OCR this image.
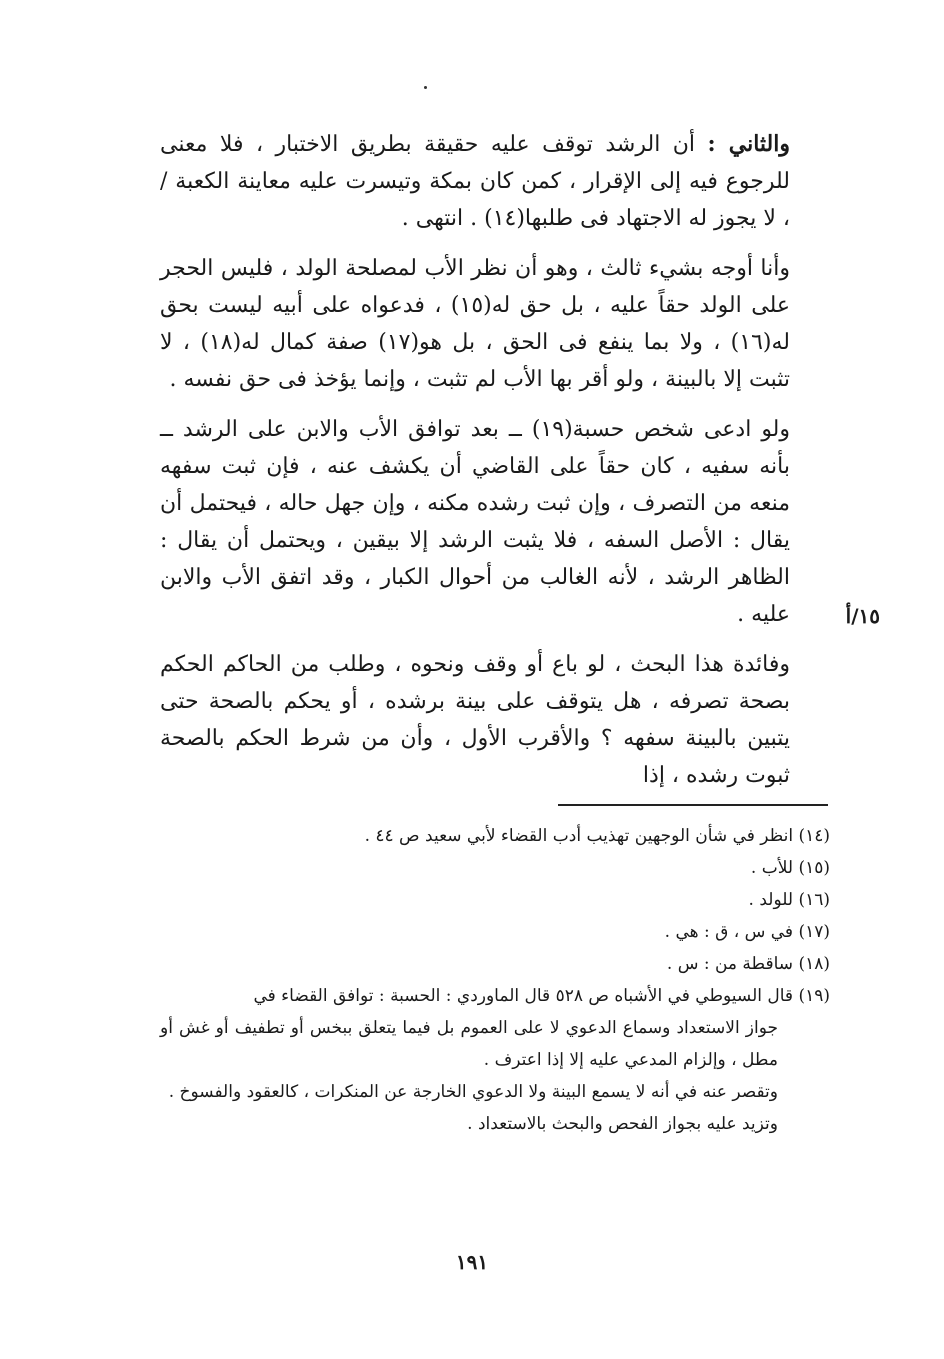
والثاني : أن الرشد توقف عليه حقيقة بطريق الاختبار ، فلا معنى للرجوع فيه إلى الإقرار ، كمن كان بمكة وتيسرت عليه معاينة الكعبة / ، لا يجوز له الاجتهاد فى طلبها(١٤) . انتهى .

وأنا أوجه بشيء ثالث ، وهو أن نظر الأب لمصلحة الولد ، فليس الحجر على الولد حقاً عليه ، بل حق له(١٥) ، فدعواه على أبيه ليست بحق له(١٦) ، ولا بما ينفع فى الحق ، بل هو(١٧) صفة كمال له(١٨) ، لا تثبت إلا بالبينة ، ولو أقر بها الأب لم تثبت ، وإنما يؤخذ فى حق نفسه .

ولو ادعى شخص حسبة(١٩) ــ بعد توافق الأب والابن على الرشد ــ بأنه سفيه ، كان حقاً على القاضي أن يكشف عنه ، فإن ثبت سفهه منعه من التصرف ، وإن ثبت رشده مكنه ، وإن جهل حاله ، فيحتمل أن يقال : الأصل السفه ، فلا يثبت الرشد إلا بيقين ، ويحتمل أن يقال : الظاهر الرشد ، لأنه الغالب من أحوال الكبار ، وقد اتفق الأب والابن عليه .

وفائدة هذا البحث ، لو باع أو وقف ونحوه ، وطلب من الحاكم الحكم بصحة تصرفه ، هل يتوقف على بينة برشده ، أو يحكم بالصحة حتى يتبين بالبينة سفهه ؟ والأقرب الأول ، وأن من شرط الحكم بالصحة ثبوت رشده ، إذا

١٥/أ

(١٤) انظر في شأن الوجهين تهذيب أدب القضاء لأبي سعيد ص ٤٤ .

(١٥) للأب .

(١٦) للولد .

(١٧) في س ، ق : هي .

(١٨) ساقطة من : س .

(١٩) قال السيوطي في الأشباه ص ٥٢٨ قال الماوردي : الحسبة : توافق القضاء في

جواز الاستعداد وسماع الدعوي لا على العموم بل فيما يتعلق ببخس أو تطفيف أو غش أو مطل ، وإلزام المدعي عليه إلا إذا اعترف .

وتقصر عنه في أنه لا يسمع البينة ولا الدعوي الخارجة عن المنكرات ، كالعقود والفسوخ .

وتزيد عليه بجواز الفحص والبحث بالاستعداد .

١٩١
